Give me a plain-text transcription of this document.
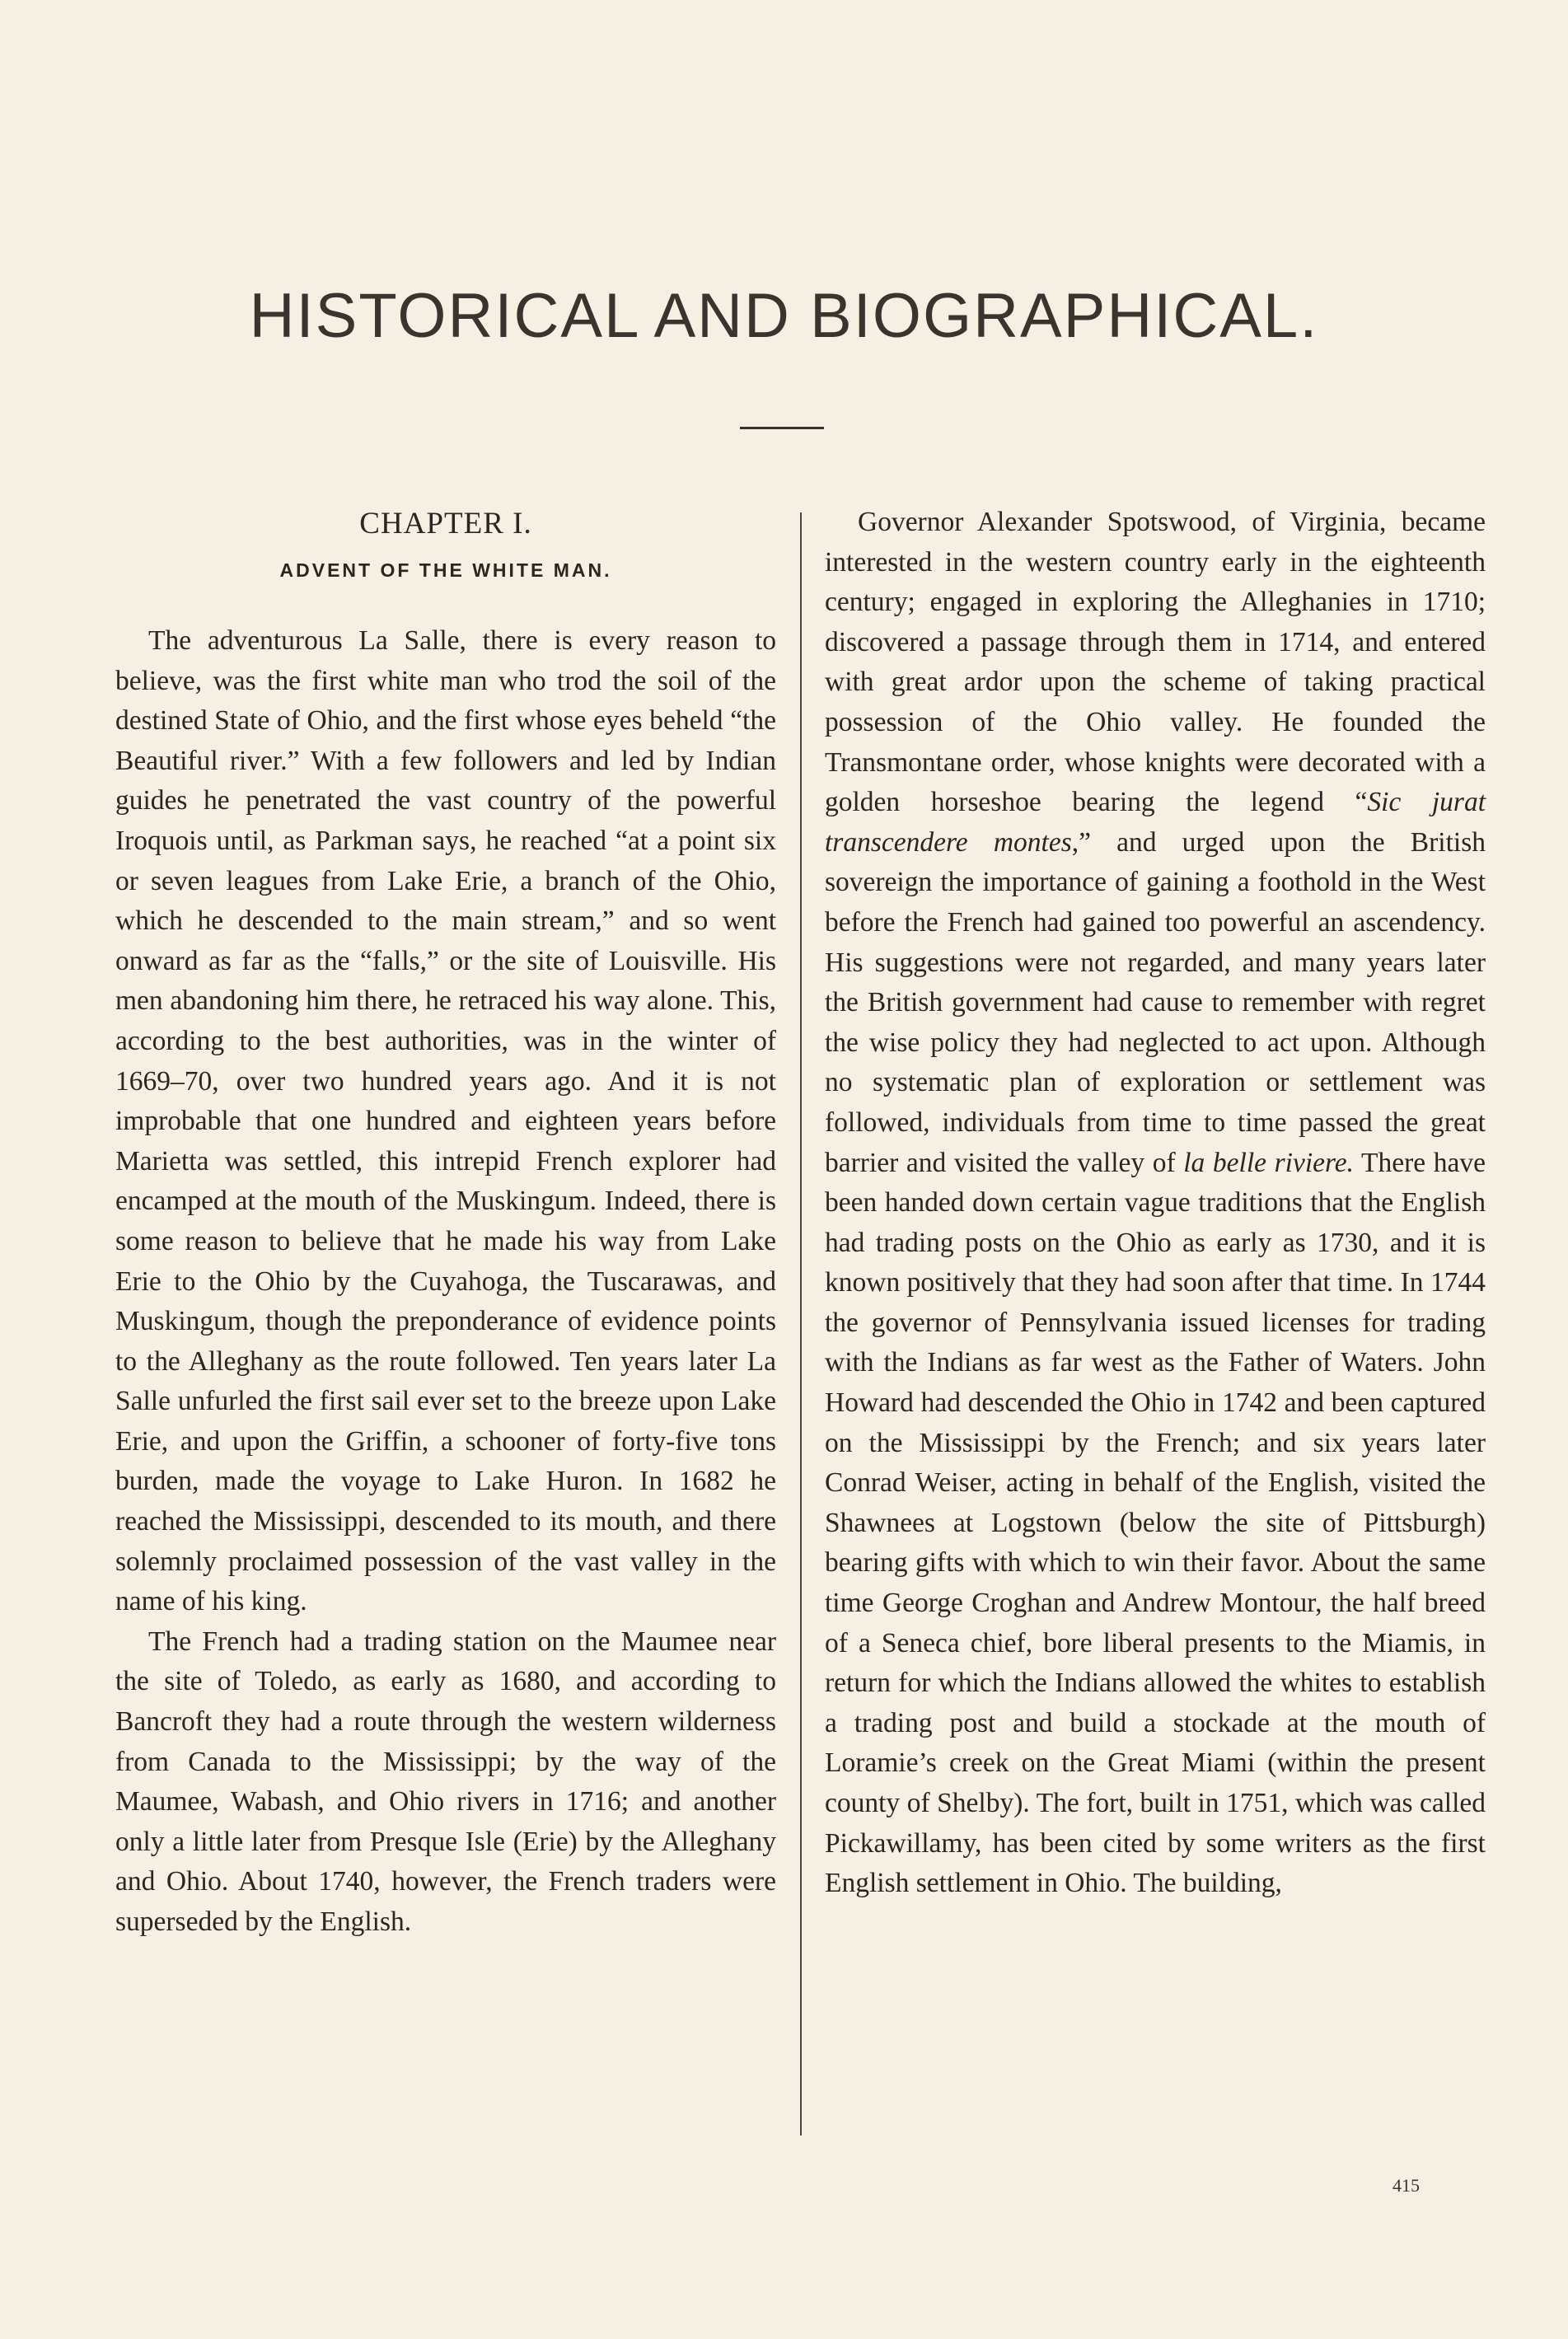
HISTORICAL AND BIOGRAPHICAL.
CHAPTER I.
ADVENT OF THE WHITE MAN.

The adventurous La Salle, there is every reason to believe, was the first white man who trod the soil of the destined State of Ohio, and the first whose eyes beheld “the Beautiful river.” With a few followers and led by Indian guides he penetrated the vast country of the powerful Iroquois until, as Parkman says, he reached “at a point six or seven leagues from Lake Erie, a branch of the Ohio, which he descended to the main stream,” and so went onward as far as the “falls,” or the site of Louisville. His men abandoning him there, he retraced his way alone. This, according to the best authorities, was in the winter of 1669–70, over two hundred years ago. And it is not improbable that one hundred and eighteen years before Marietta was settled, this intrepid French explorer had encamped at the mouth of the Muskingum. Indeed, there is some reason to believe that he made his way from Lake Erie to the Ohio by the Cuyahoga, the Tuscarawas, and Muskingum, though the preponderance of evidence points to the Alleghany as the route followed. Ten years later La Salle unfurled the first sail ever set to the breeze upon Lake Erie, and upon the Griffin, a schooner of forty-five tons burden, made the voyage to Lake Huron. In 1682 he reached the Mississippi, descended to its mouth, and there solemnly proclaimed possession of the vast valley in the name of his king.

The French had a trading station on the Maumee near the site of Toledo, as early as 1680, and according to Bancroft they had a route through the western wilderness from Canada to the Mississippi; by the way of the Maumee, Wabash, and Ohio rivers in 1716; and another only a little later from Presque Isle (Erie) by the Alleghany and Ohio. About 1740, however, the French traders were superseded by the English.

Governor Alexander Spotswood, of Virginia, became interested in the western country early in the eighteenth century; engaged in exploring the Alleghanies in 1710; discovered a passage through them in 1714, and entered with great ardor upon the scheme of taking practical possession of the Ohio valley. He founded the Transmontane order, whose knights were decorated with a golden horseshoe bearing the legend “Sic jurat transcendere montes,” and urged upon the British sovereign the importance of gaining a foothold in the West before the French had gained too powerful an ascendency. His suggestions were not regarded, and many years later the British government had cause to remember with regret the wise policy they had neglected to act upon. Although no systematic plan of exploration or settlement was followed, individuals from time to time passed the great barrier and visited the valley of la belle riviere. There have been handed down certain vague traditions that the English had trading posts on the Ohio as early as 1730, and it is known positively that they had soon after that time. In 1744 the governor of Pennsylvania issued licenses for trading with the Indians as far west as the Father of Waters. John Howard had descended the Ohio in 1742 and been captured on the Mississippi by the French; and six years later Conrad Weiser, acting in behalf of the English, visited the Shawnees at Logstown (below the site of Pittsburgh) bearing gifts with which to win their favor. About the same time George Croghan and Andrew Montour, the half breed of a Seneca chief, bore liberal presents to the Miamis, in return for which the Indians allowed the whites to establish a trading post and build a stockade at the mouth of Loramie’s creek on the Great Miami (within the present county of Shelby). The fort, built in 1751, which was called Pickawillamy, has been cited by some writers as the first English settlement in Ohio. The building,

415
